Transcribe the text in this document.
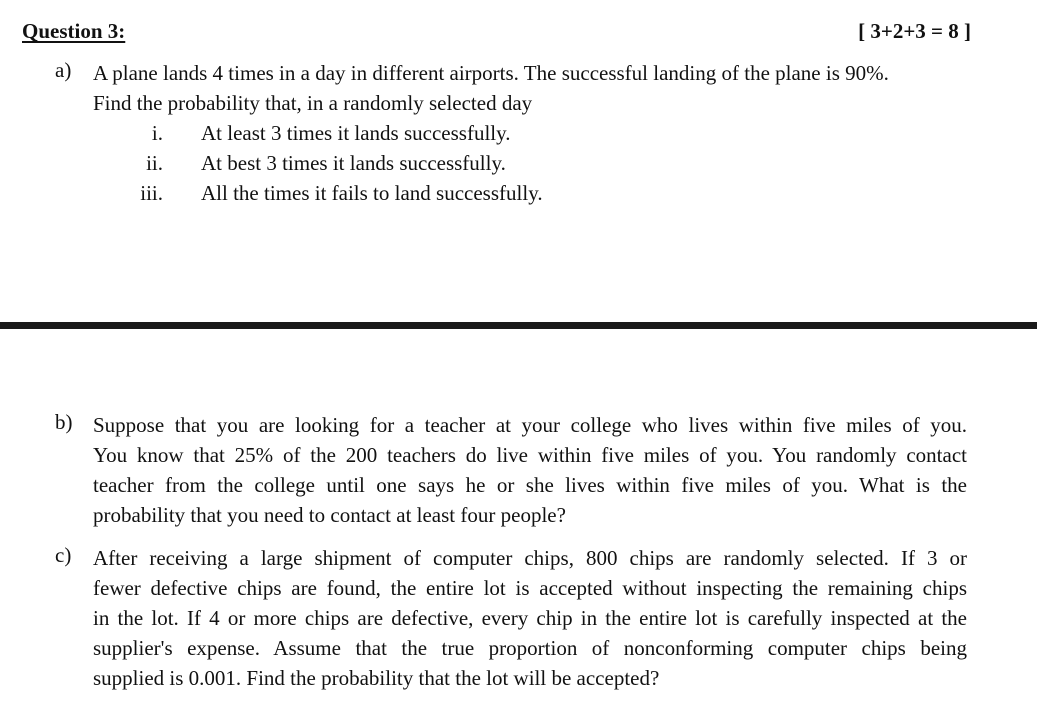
Question 3:	[ 3+2+3 = 8 ]
a) A plane lands 4 times in a day in different airports. The successful landing of the plane is 90%.
Find the probability that, in a randomly selected day
i. At least 3 times it lands successfully.
ii. At best 3 times it lands successfully.
iii. All the times it fails to land successfully.
b) Suppose that you are looking for a teacher at your college who lives within five miles of you.
You know that 25% of the 200 teachers do live within five miles of you. You randomly contact
teacher from the college until one says he or she lives within five miles of you. What is the
probability that you need to contact at least four people?
c) After receiving a large shipment of computer chips, 800 chips are randomly selected. If 3 or
fewer defective chips are found, the entire lot is accepted without inspecting the remaining chips
in the lot. If 4 or more chips are defective, every chip in the entire lot is carefully inspected at the
supplier's expense. Assume that the true proportion of nonconforming computer chips being
supplied is 0.001. Find the probability that the lot will be accepted?
